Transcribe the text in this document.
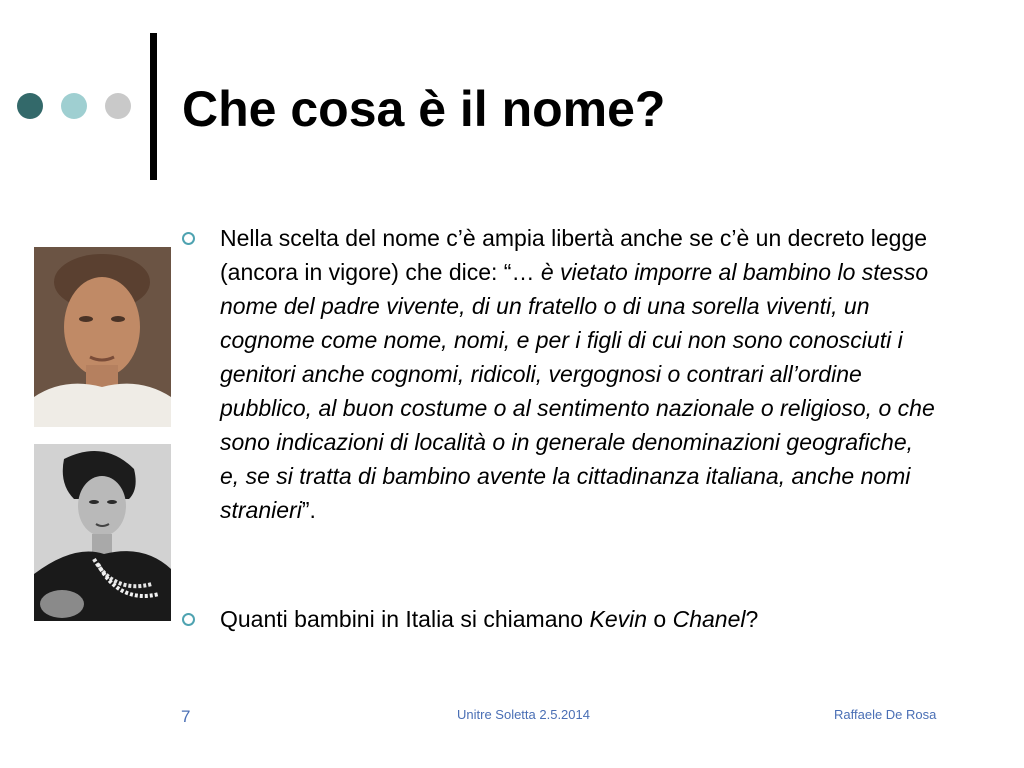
Che cosa è il nome?
Nella scelta del nome c’è ampia libertà anche se c’è un decreto legge (ancora in vigore) che dice: “… è vietato imporre al bambino lo stesso nome del padre vivente, di un fratello o di una sorella viventi, un cognome come nome, nomi, e per i figli di cui non sono conosciuti i genitori anche cognomi, ridicoli, vergognosi o contrari all’ordine pubblico, al buon costume o al sentimento nazionale o religioso, o che sono indicazioni di località o in generale denominazioni geografiche, e, se si tratta di bambino avente la cittadinanza italiana, anche nomi stranieri”.
Quanti bambini in Italia si chiamano Kevin o Chanel?
7	Unitre Soletta 2.5.2014	Raffaele De Rosa
